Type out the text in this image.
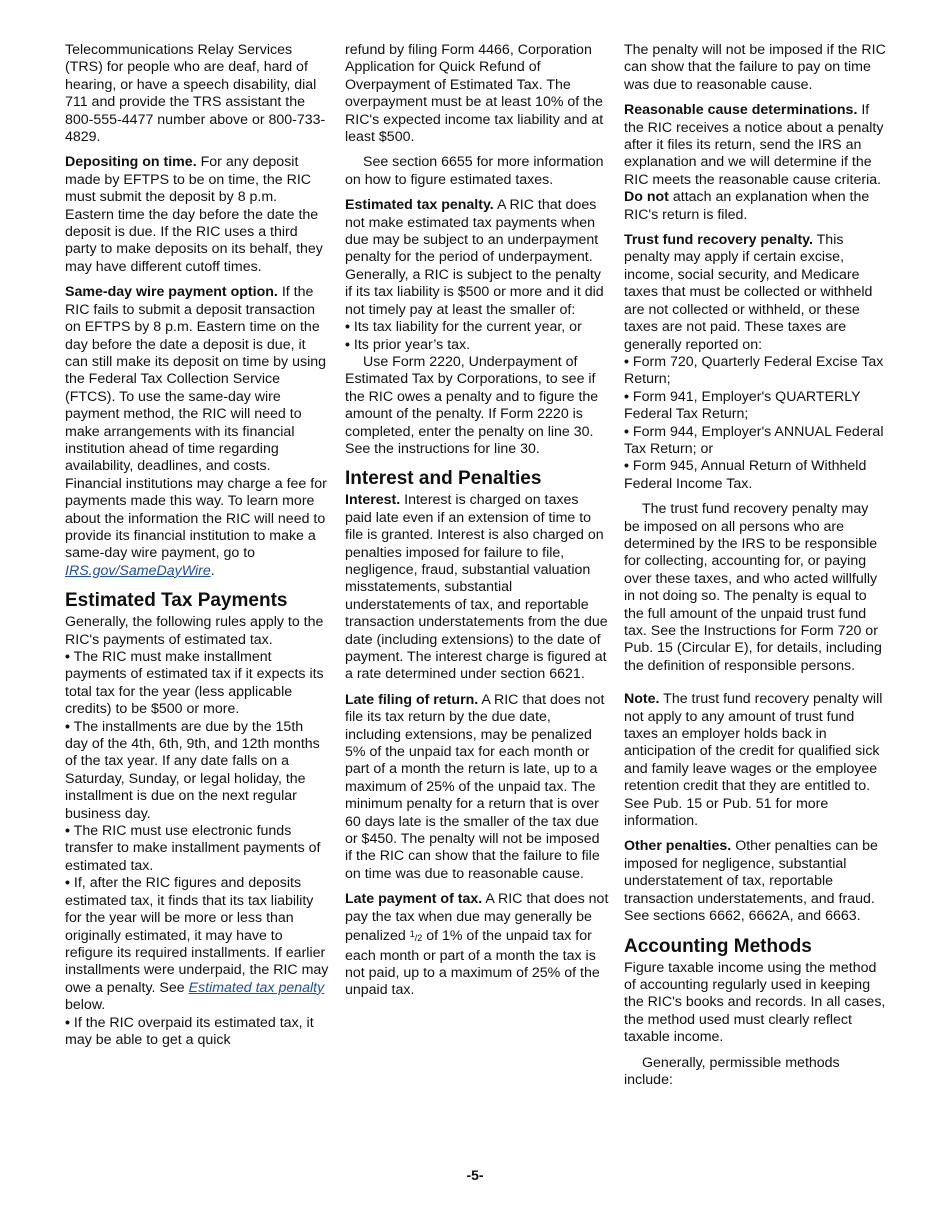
Telecommunications Relay Services (TRS) for people who are deaf, hard of hearing, or have a speech disability, dial 711 and provide the TRS assistant the 800-555-4477 number above or 800-733-4829.

Depositing on time. For any deposit made by EFTPS to be on time, the RIC must submit the deposit by 8 p.m. Eastern time the day before the date the deposit is due. If the RIC uses a third party to make deposits on its behalf, they may have different cutoff times.

Same-day wire payment option. If the RIC fails to submit a deposit transaction on EFTPS by 8 p.m. Eastern time on the day before the date a deposit is due, it can still make its deposit on time by using the Federal Tax Collection Service (FTCS). To use the same-day wire payment method, the RIC will need to make arrangements with its financial institution ahead of time regarding availability, deadlines, and costs. Financial institutions may charge a fee for payments made this way. To learn more about the information the RIC will need to provide its financial institution to make a same-day wire payment, go to IRS.gov/SameDayWire.

Estimated Tax Payments

Generally, the following rules apply to the RIC's payments of estimated tax.

• The RIC must make installment payments of estimated tax if it expects its total tax for the year (less applicable credits) to be $500 or more.

• The installments are due by the 15th day of the 4th, 6th, 9th, and 12th months of the tax year. If any date falls on a Saturday, Sunday, or legal holiday, the installment is due on the next regular business day.

• The RIC must use electronic funds transfer to make installment payments of estimated tax.

• If, after the RIC figures and deposits estimated tax, it finds that its tax liability for the year will be more or less than originally estimated, it may have to refigure its required installments. If earlier installments were underpaid, the RIC may owe a penalty. See Estimated tax penalty below.

• If the RIC overpaid its estimated tax, it may be able to get a quick

refund by filing Form 4466, Corporation Application for Quick Refund of Overpayment of Estimated Tax. The overpayment must be at least 10% of the RIC's expected income tax liability and at least $500.

See section 6655 for more information on how to figure estimated taxes.

Estimated tax penalty. A RIC that does not make estimated tax payments when due may be subject to an underpayment penalty for the period of underpayment. Generally, a RIC is subject to the penalty if its tax liability is $500 or more and it did not timely pay at least the smaller of:

• Its tax liability for the current year, or

• Its prior year’s tax.

Use Form 2220, Underpayment of Estimated Tax by Corporations, to see if the RIC owes a penalty and to figure the amount of the penalty. If Form 2220 is completed, enter the penalty on line 30. See the instructions for line 30.

Interest and Penalties

Interest. Interest is charged on taxes paid late even if an extension of time to file is granted. Interest is also charged on penalties imposed for failure to file, negligence, fraud, substantial valuation misstatements, substantial understatements of tax, and reportable transaction understatements from the due date (including extensions) to the date of payment. The interest charge is figured at a rate determined under section 6621.

Late filing of return. A RIC that does not file its tax return by the due date, including extensions, may be penalized 5% of the unpaid tax for each month or part of a month the return is late, up to a maximum of 25% of the unpaid tax. The minimum penalty for a return that is over 60 days late is the smaller of the tax due or $450. The penalty will not be imposed if the RIC can show that the failure to file on time was due to reasonable cause.

Late payment of tax. A RIC that does not pay the tax when due may generally be penalized $^1$/2 of 1% of the unpaid tax for each month or part of a month the tax is not paid, up to a maximum of 25% of the unpaid tax.

The penalty will not be imposed if the RIC can show that the failure to pay on time was due to reasonable cause.

Reasonable cause determinations. If the RIC receives a notice about a penalty after it files its return, send the IRS an explanation and we will determine if the RIC meets the reasonable cause criteria. Do not attach an explanation when the RIC's return is filed.

Trust fund recovery penalty. This penalty may apply if certain excise, income, social security, and Medicare taxes that must be collected or withheld are not collected or withheld, or these taxes are not paid. These taxes are generally reported on:

• Form 720, Quarterly Federal Excise Tax Return;

• Form 941, Employer's QUARTERLY Federal Tax Return;

• Form 944, Employer's ANNUAL Federal Tax Return; or

• Form 945, Annual Return of Withheld Federal Income Tax.

The trust fund recovery penalty may be imposed on all persons who are determined by the IRS to be responsible for collecting, accounting for, or paying over these taxes, and who acted willfully in not doing so. The penalty is equal to the full amount of the unpaid trust fund tax. See the Instructions for Form 720 or Pub. 15 (Circular E), for details, including the definition of responsible persons.

Note. The trust fund recovery penalty will not apply to any amount of trust fund taxes an employer holds back in anticipation of the credit for qualified sick and family leave wages or the employee retention credit that they are entitled to. See Pub. 15 or Pub. 51 for more information.

Other penalties. Other penalties can be imposed for negligence, substantial understatement of tax, reportable transaction understatements, and fraud. See sections 6662, 6662A, and 6663.

Accounting Methods

Figure taxable income using the method of accounting regularly used in keeping the RIC's books and records. In all cases, the method used must clearly reflect taxable income.

Generally, permissible methods include:

-5-
